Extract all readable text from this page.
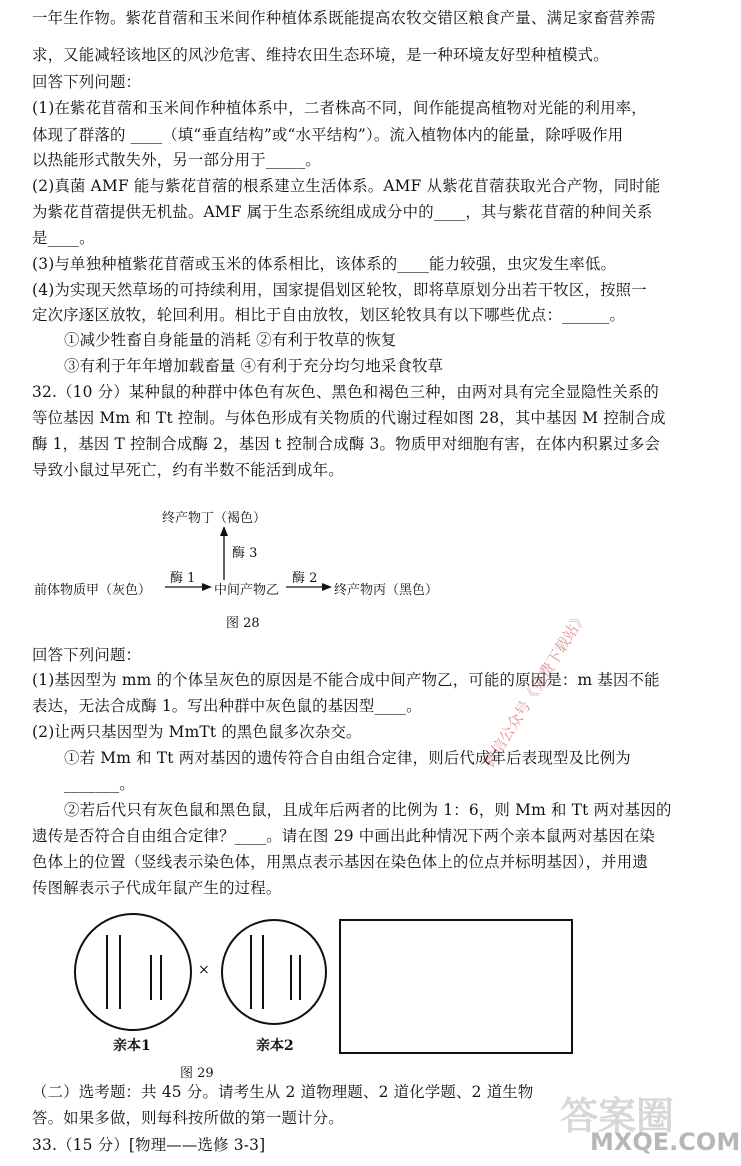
一年生作物。紫花苜蓿和玉米间作种植体系既能提高农牧交错区粮食产量、满足家畜营养需
求，又能减轻该地区的风沙危害、维持农田生态环境，是一种环境友好型种植模式。
回答下列问题：
(1)在紫花苜蓿和玉米间作种植体系中，二者株高不同，间作能提高植物对光能的利用率，
体现了群落的 ____（填“垂直结构”或“水平结构”）。流入植物体内的能量，除呼吸作用
以热能形式散失外，另一部分用于_____。
(2)真菌 AMF 能与紫花苜蓿的根系建立生活体系。AMF 从紫花苜蓿获取光合产物，同时能
为紫花苜蓿提供无机盐。AMF 属于生态系统组成成分中的____，其与紫花苜蓿的种间关系
是____。
(3)与单独种植紫花苜蓿或玉米的体系相比，该体系的____能力较强，虫灾发生率低。
(4)为实现天然草场的可持续利用，国家提倡划区轮牧，即将草原划分出若干牧区，按照一
定次序逐区放牧，轮回利用。相比于自由放牧，划区轮牧具有以下哪些优点：______。
①减少牲畜自身能量的消耗 ②有利于牧草的恢复
③有利于年年增加载畜量 ④有利于充分均匀地采食牧草
32.（10 分）某种鼠的种群中体色有灰色、黑色和褐色三种，由两对具有完全显隐性关系的
等位基因 Mm 和 Tt 控制。与体色形成有关物质的代谢过程如图 28，其中基因 M 控制合成
酶 1，基因 T 控制合成酶 2，基因 t 控制合成酶 3。物质甲对细胞有害，在体内积累过多会
导致小鼠过早死亡，约有半数不能活到成年。
终产物丁（褐色）
酶 3
前体物质甲（灰色）
酶 1
中间产物乙
酶 2
终产物丙（黑色）
图 28	微信公众号《免费下载站》
回答下列问题：
(1)基因型为 mm 的个体呈灰色的原因是不能合成中间产物乙，可能的原因是：m 基因不能
表达，无法合成酶 1。写出种群中灰色鼠的基因型____。
(2)让两只基因型为 MmTt 的黑色鼠多次杂交。
①若 Mm 和 Tt 两对基因的遗传符合自由组合定律，则后代成年后表现型及比例为
_______。
②若后代只有灰色鼠和黑色鼠，且成年后两者的比例为 1：6，则 Mm 和 Tt 两对基因的
遗传是否符合自由组合定律？____。请在图 29 中画出此种情况下两个亲本鼠两对基因在染
色体上的位置（竖线表示染色体，用黑点表示基因在染色体上的位点并标明基因），并用遗
传图解表示子代成年鼠产生的过程。
×
亲本1	亲本2
图 29
（二）选考题：共 45 分。请考生从 2 道物理题、2 道化学题、2 道生物
答。如果多做，则每科按所做的第一题计分。
33.（15 分）[物理——选修 3-3]
答案圈
MXQE.COM
